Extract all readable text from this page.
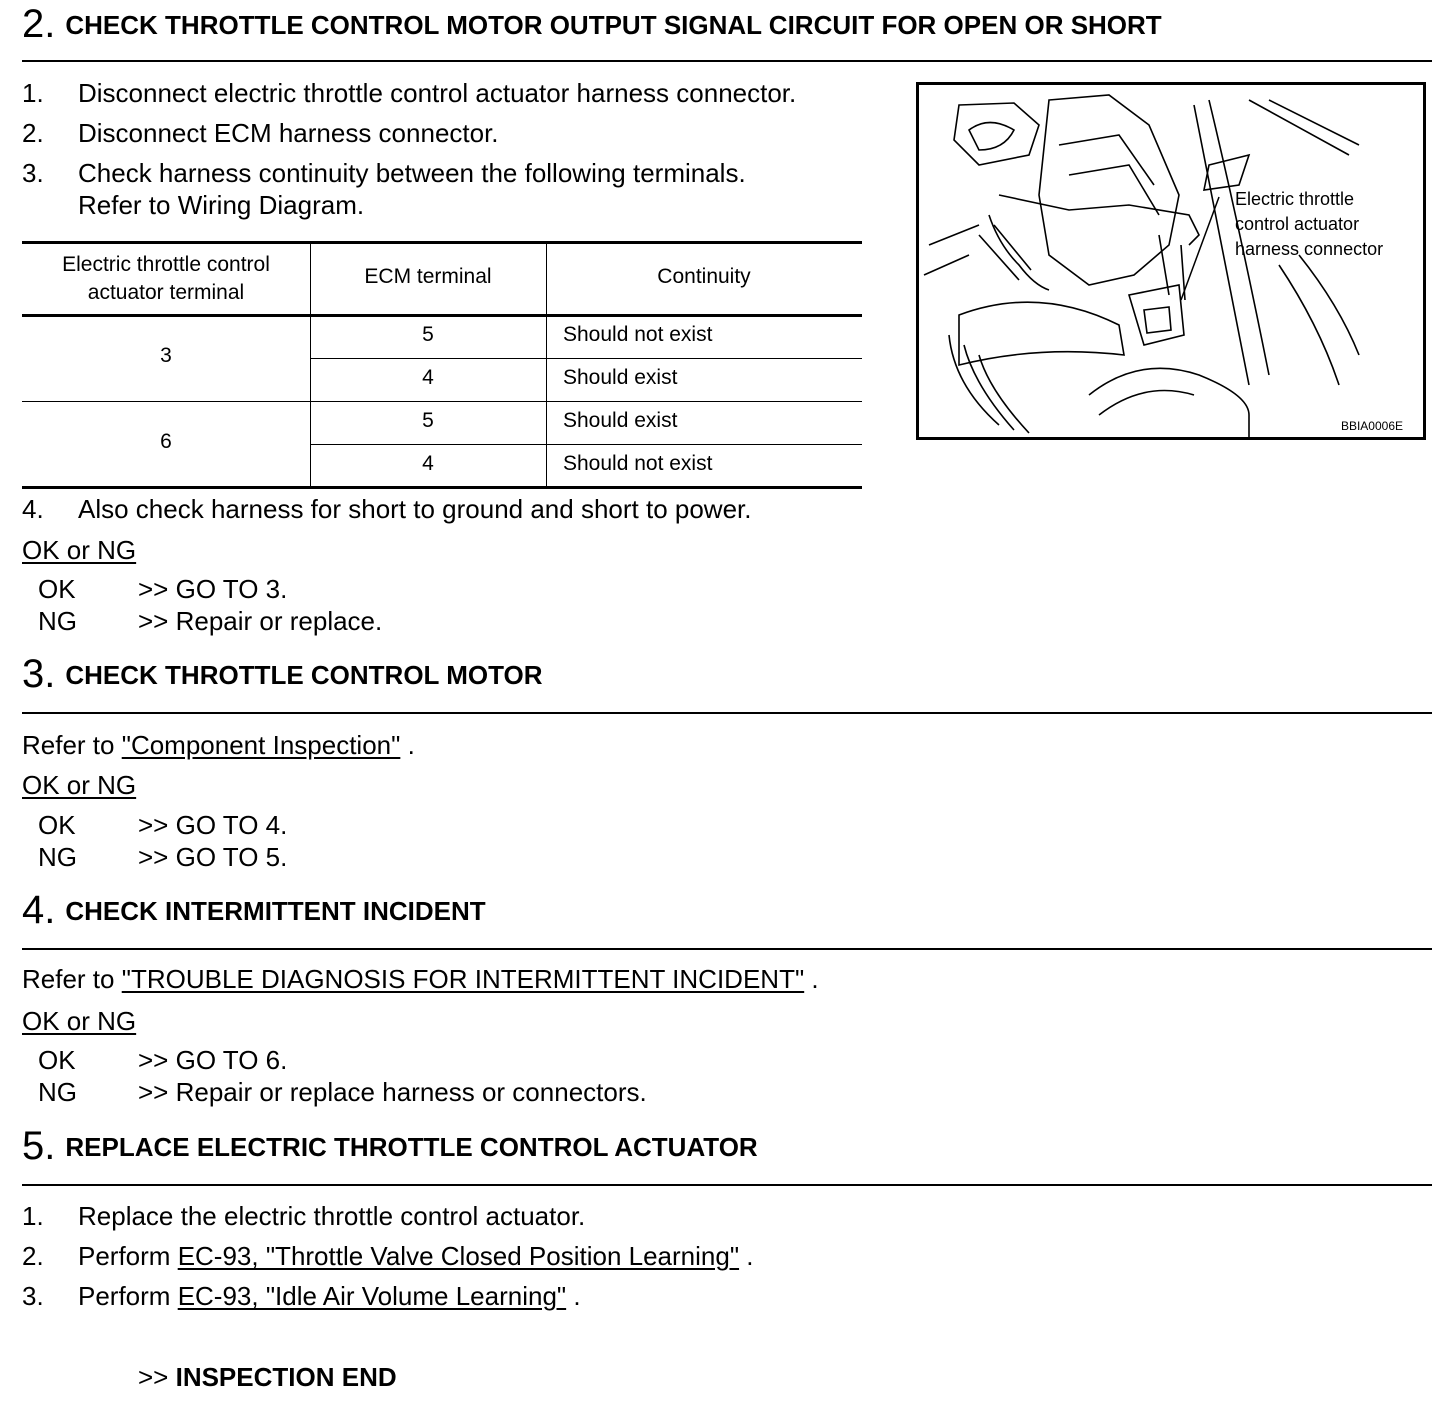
2. CHECK THROTTLE CONTROL MOTOR OUTPUT SIGNAL CIRCUIT FOR OPEN OR SHORT
1. Disconnect electric throttle control actuator harness connector.
2. Disconnect ECM harness connector.
3. Check harness continuity between the following terminals.
Refer to Wiring Diagram.
Electric throttle control
actuator terminal
ECM terminal	Continuity
3
5	Should not exist
4	Should exist
6
5	Should exist
4	Should not exist
4. Also check harness for short to ground and short to power.
OK or NG
OK >> GO TO 3.
NG >> Repair or replace.
Electric throttle
control actuator
harness connector
BBIA0006E
3. CHECK THROTTLE CONTROL MOTOR
Refer to "Component Inspection" .
OK or NG
OK >> GO TO 4.
NG >> GO TO 5.
4. CHECK INTERMITTENT INCIDENT
Refer to "TROUBLE DIAGNOSIS FOR INTERMITTENT INCIDENT" .
OK or NG
OK >> GO TO 6.
NG >> Repair or replace harness or connectors.
5. REPLACE ELECTRIC THROTTLE CONTROL ACTUATOR
1. Replace the electric throttle control actuator.
2. Perform EC-93, "Throttle Valve Closed Position Learning" .
3. Perform EC-93, "Idle Air Volume Learning" .
>> INSPECTION END
